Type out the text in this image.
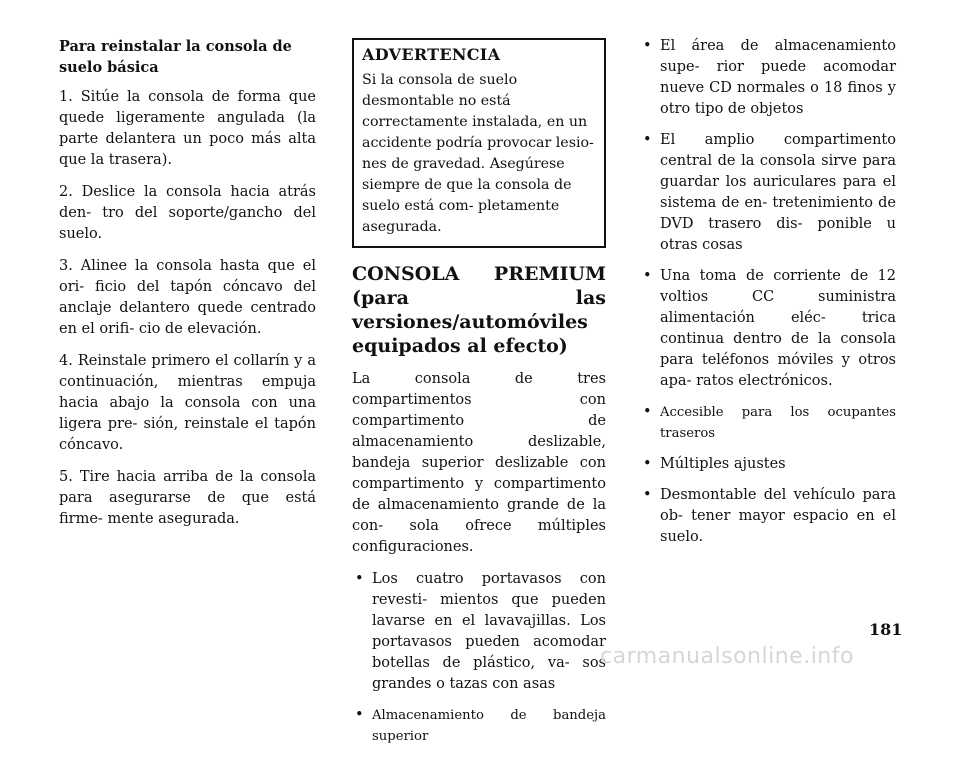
Para reinstalar la consola de suelo básica

1. Sitúe la consola de forma que quede ligeramente angulada (la parte delantera un poco más alta que la trasera).

2. Deslice la consola hacia atrás den- tro del soporte/gancho del suelo.

3. Alinee la consola hasta que el ori- ficio del tapón cóncavo del anclaje delantero quede centrado en el orifi- cio de elevación.

4. Reinstale primero el collarín y a continuación, mientras empuja hacia abajo la consola con una ligera pre- sión, reinstale el tapón cóncavo.

5. Tire hacia arriba de la consola para asegurarse de que está firme- mente asegurada.

ADVERTENCIA

Si la consola de suelo desmontable no está correctamente instalada, en un accidente podría provocar lesio- nes de gravedad. Asegúrese siempre de que la consola de suelo está com- pletamente asegurada.

CONSOLA PREMIUM (para las versiones/automóviles equipados al efecto)

La consola de tres compartimentos con compartimento de almacenamiento deslizable, bandeja superior deslizable con compartimento y compartimento de almacenamiento grande de la con- sola ofrece múltiples configuraciones.

• Los cuatro portavasos con revesti- mientos que pueden lavarse en el lavavajillas. Los portavasos pueden acomodar botellas de plástico, va- sos grandes o tazas con asas
• Almacenamiento de bandeja superior
• El área de almacenamiento supe- rior puede acomodar nueve CD normales o 18 finos y otro tipo de objetos
• El amplio compartimento central de la consola sirve para guardar los auriculares para el sistema de en- tretenimiento de DVD trasero dis- ponible u otras cosas
• Una toma de corriente de 12 voltios CC suministra alimentación eléc- trica continua dentro de la consola para teléfonos móviles y otros apa- ratos electrónicos.
• Accesible para los ocupantes traseros
• Múltiples ajustes
• Desmontable del vehículo para ob- tener mayor espacio en el suelo.
181
carmanualsonline.info
